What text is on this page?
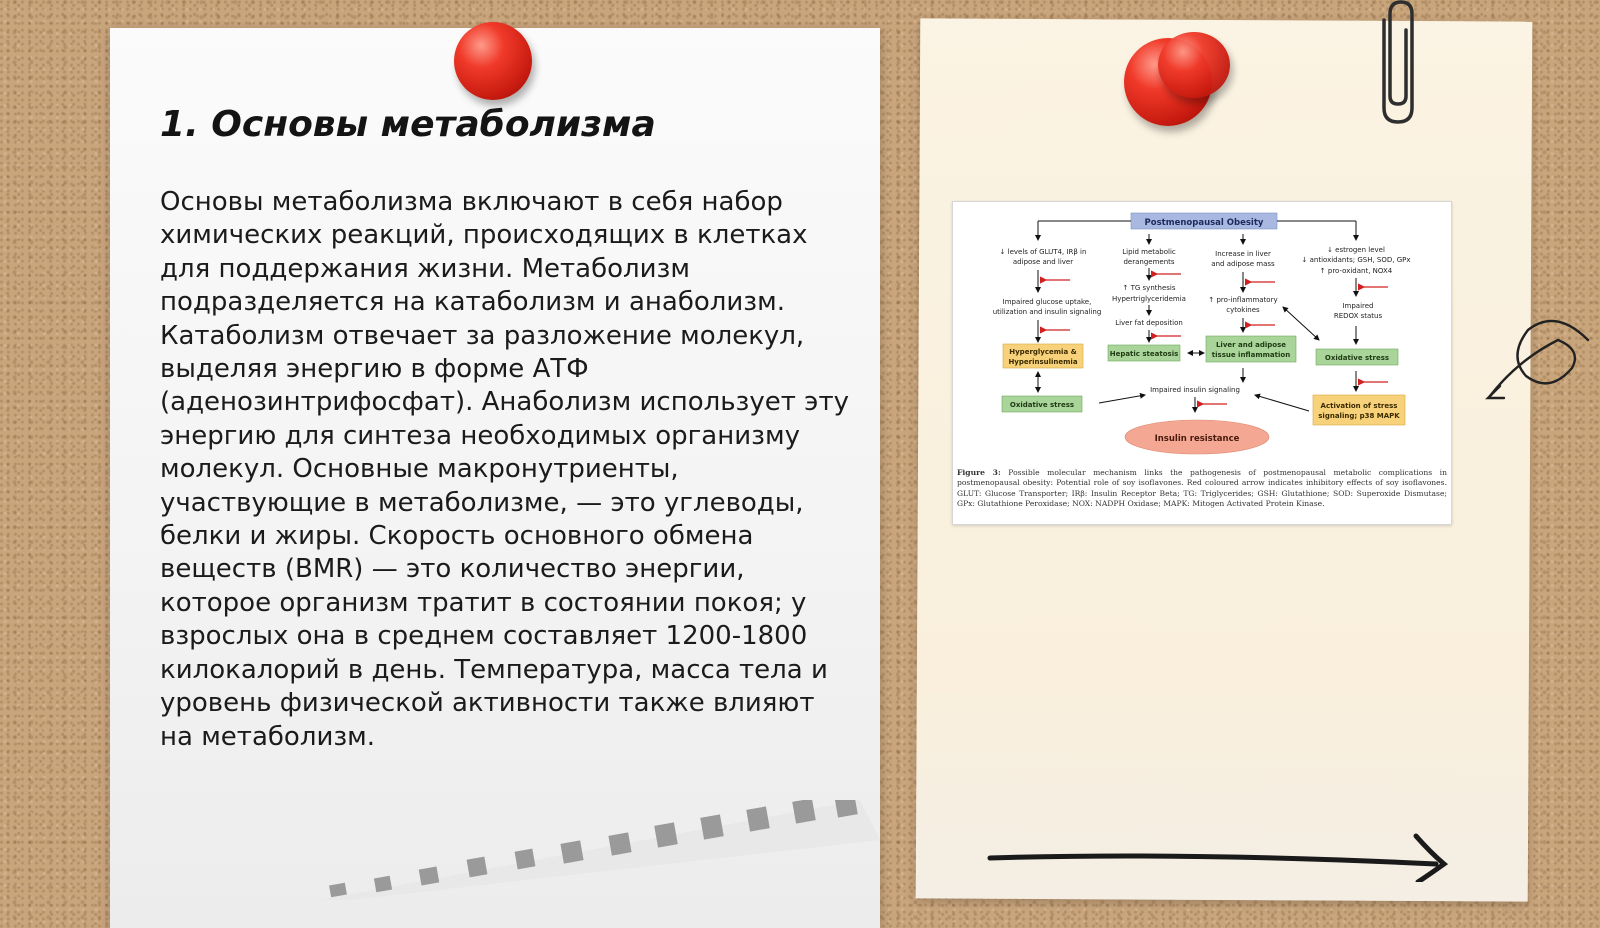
1. Основы метаболизма

Основы метаболизма включают в себя набор химических реакций, происходящих в клетках для поддержания жизни. Метаболизм подразделяется на катаболизм и анаболизм. Катаболизм отвечает за разложение молекул, выделяя энергию в форме АТФ (аденозинтрифосфат). Анаболизм использует эту энергию для синтеза необходимых организму молекул. Основные макронутриенты, участвующие в метаболизме, — это углеводы, белки и жиры. Скорость основного обмена веществ (BMR) — это количество энергии, которое организм тратит в состоянии покоя; у взрослых она в среднем составляет 1200-1800 килокалорий в день. Температура, масса тела и уровень физической активности также влияют на метаболизм.

Postmenopausal Obesity
↓ levels of GLUT4, IRβ in
adipose and liver
Impaired glucose uptake,
utilization and insulin signaling
Hyperglycemia &
Hyperinsulinemia
Oxidative stress
Lipid metabolic
derangements
↑ TG synthesis
Hypertriglyceridemia
Liver fat deposition
Hepatic steatosis
Increase in liver
and adipose mass
↑ pro-inflammatory
cytokines
Liver and adipose
tissue inflammation
↓ estrogen level
↓ antioxidants; GSH, SOD, GPx
↑ pro-oxidant, NOX4
Impaired
REDOX status
Oxidative stress
Activation of stress
signaling; p38 MAPK
Impaired insulin signaling
Insulin resistance

Figure 3: Possible molecular mechanism links the pathogenesis of postmenopausal metabolic complications in postmenopausal obesity: Potential role of soy isoflavones. Red coloured arrow indicates inhibitory effects of soy isoflavones. GLUT: Glucose Transporter; IRβ: Insulin Receptor Beta; TG: Triglycerides; GSH: Glutathione; SOD: Superoxide Dismutase; GPx: Glutathione Peroxidase; NOX: NADPH Oxidase; MAPK: Mitogen Activated Protein Kinase.
